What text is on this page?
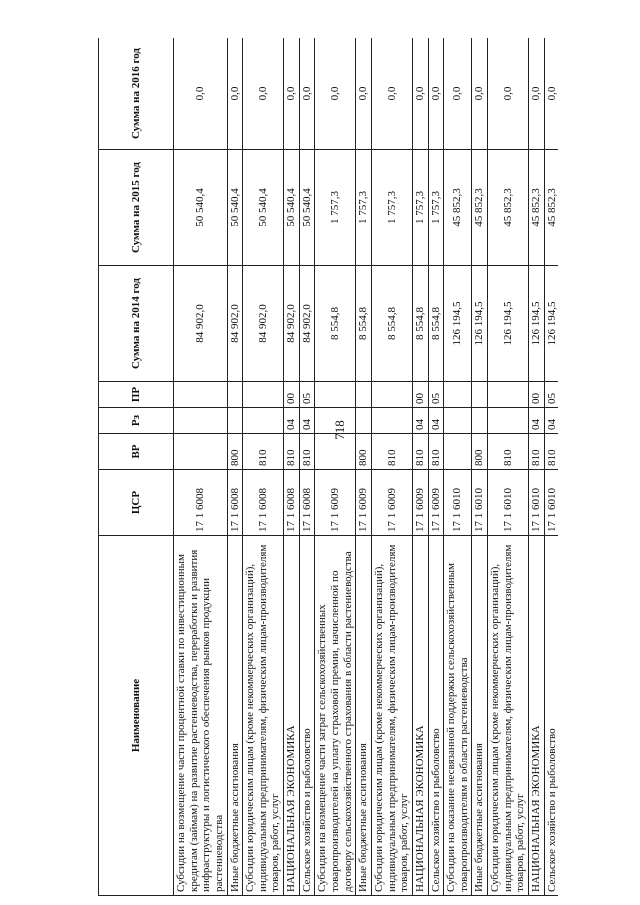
718
Наименование	ЦСР	ВР	Рз	ПР	Сумма на 2014 год	Сумма на 2015 год	Сумма на 2016 год
Субсидии на возмещение части процентной ставки по инвестиционным кредитам (займам) на развитие растениеводства, переработки и развития инфраструктуры и логистического обеспечения рынков продукции растениеводства	17 1 6008				84 902,0	50 540,4	0,0
Иные бюджетные ассигнования	17 1 6008	800			84 902,0	50 540,4	0,0
Субсидии юридическим лицам (кроме некоммерческих организаций), индивидуальным предпринимателям, физическим лицам-производителям товаров, работ, услуг	17 1 6008	810			84 902,0	50 540,4	0,0
НАЦИОНАЛЬНАЯ ЭКОНОМИКА	17 1 6008	810	04	00	84 902,0	50 540,4	0,0
Сельское хозяйство и рыболовство	17 1 6008	810	04	05	84 902,0	50 540,4	0,0
Субсидии на возмещение части затрат сельскохозяйственных товаропроизводителей на уплату страховой премии, начисленной по договору сельскохозяйственного страхования в области растениеводства	17 1 6009				8 554,8	1 757,3	0,0
Иные бюджетные ассигнования	17 1 6009	800			8 554,8	1 757,3	0,0
Субсидии юридическим лицам (кроме некоммерческих организаций), индивидуальным предпринимателям, физическим лицам-производителям товаров, работ, услуг	17 1 6009	810			8 554,8	1 757,3	0,0
НАЦИОНАЛЬНАЯ ЭКОНОМИКА	17 1 6009	810	04	00	8 554,8	1 757,3	0,0
Сельское хозяйство и рыболовство	17 1 6009	810	04	05	8 554,8	1 757,3	0,0
Субсидии на оказание несвязанной поддержки сельскохозяйственным товаропроизводителям в области растениеводства	17 1 6010				126 194,5	45 852,3	0,0
Иные бюджетные ассигнования	17 1 6010	800			126 194,5	45 852,3	0,0
Субсидии юридическим лицам (кроме некоммерческих организаций), индивидуальным предпринимателям, физическим лицам-производителям товаров, работ, услуг	17 1 6010	810			126 194,5	45 852,3	0,0
НАЦИОНАЛЬНАЯ ЭКОНОМИКА	17 1 6010	810	04	00	126 194,5	45 852,3	0,0
Сельское хозяйство и рыболовство	17 1 6010	810	04	05	126 194,5	45 852,3	0,0
